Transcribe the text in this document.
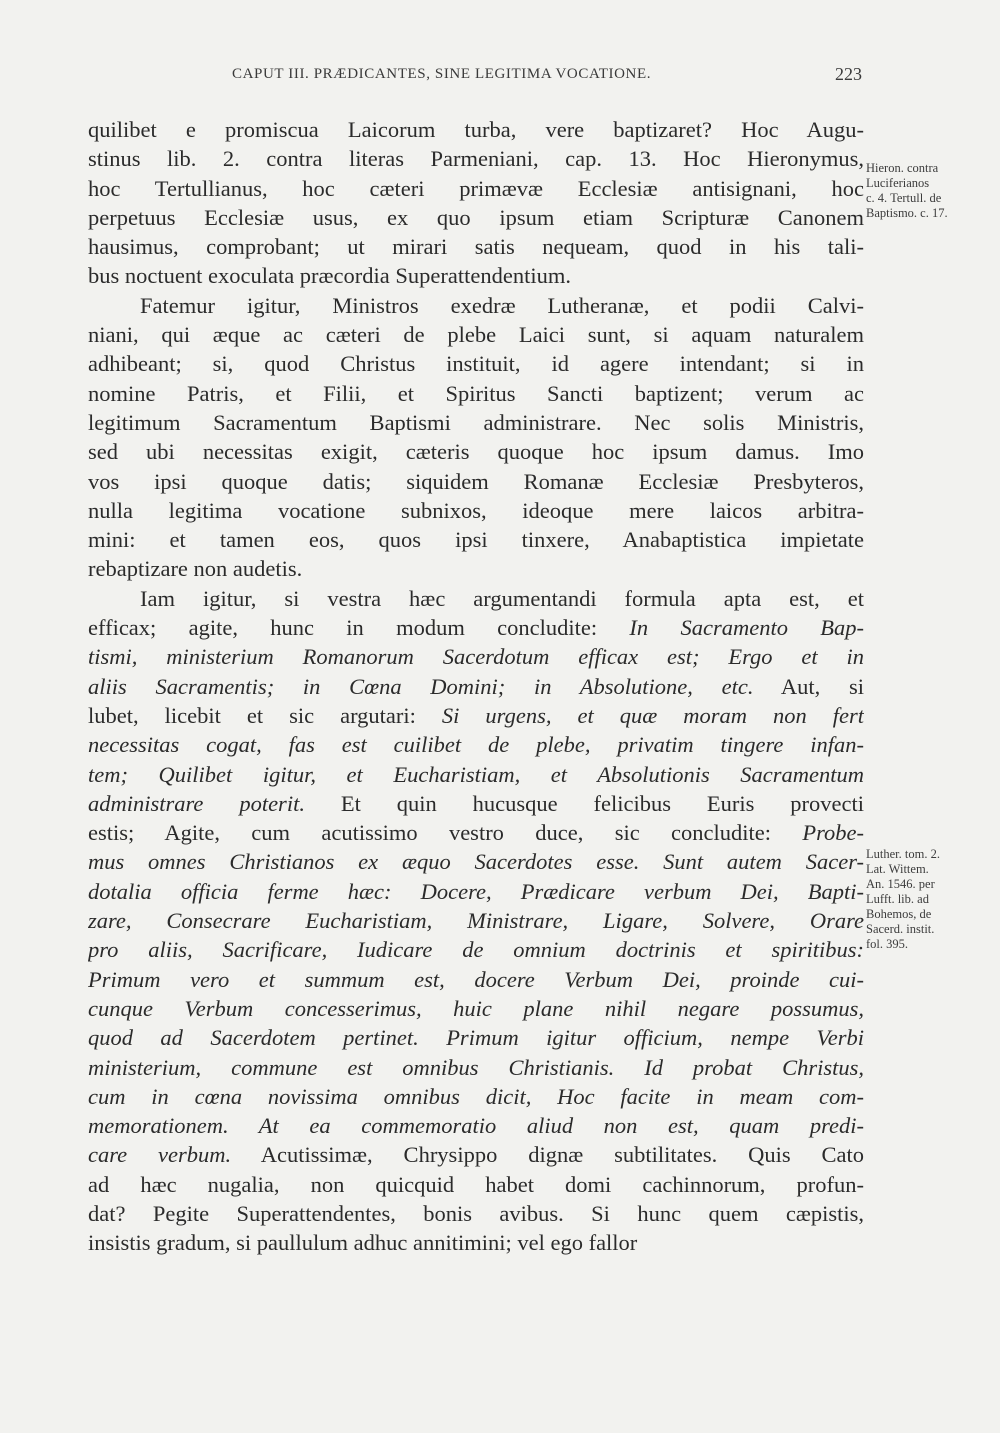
CAPUT III. PRÆDICANTES, SINE LEGITIMA VOCATIONE.	223
quilibet e promiscua Laicorum turba, vere baptizaret? Hoc Augu-
stinus lib. 2. contra literas Parmeniani, cap. 13. Hoc Hieronymus,
hoc Tertullianus, hoc cæteri primævæ Ecclesiæ antisignani, hoc
perpetuus Ecclesiæ usus, ex quo ipsum etiam Scripturæ Canonem
hausimus, comprobant; ut mirari satis nequeam, quod in his tali-
bus noctuent exoculata præcordia Superattendentium.
Fatemur igitur, Ministros exedræ Lutheranæ, et podii Calvi-
niani, qui æque ac cæteri de plebe Laici sunt, si aquam naturalem
adhibeant; si, quod Christus instituit, id agere intendant; si in
nomine Patris, et Filii, et Spiritus Sancti baptizent; verum ac
legitimum Sacramentum Baptismi administrare. Nec solis Ministris,
sed ubi necessitas exigit, cæteris quoque hoc ipsum damus. Imo
vos ipsi quoque datis; siquidem Romanæ Ecclesiæ Presbyteros,
nulla legitima vocatione subnixos, ideoque mere laicos arbitra-
mini: et tamen eos, quos ipsi tinxere, Anabaptistica impietate
rebaptizare non audetis.
Iam igitur, si vestra hæc argumentandi formula apta est, et
efficax; agite, hunc in modum concludite: In Sacramento Bap-
tismi, ministerium Romanorum Sacerdotum efficax est; Ergo et in
aliis Sacramentis; in Cœna Domini; in Absolutione, etc. Aut, si
lubet, licebit et sic argutari: Si urgens, et quæ moram non fert
necessitas cogat, fas est cuilibet de plebe, privatim tingere infan-
tem; Quilibet igitur, et Eucharistiam, et Absolutionis Sacramentum
administrare poterit. Et quin hucusque felicibus Euris provecti
estis; Agite, cum acutissimo vestro duce, sic concludite: Probe-
mus omnes Christianos ex æquo Sacerdotes esse. Sunt autem Sacer-
dotalia officia ferme hæc: Docere, Prædicare verbum Dei, Bapti-
zare, Consecrare Eucharistiam, Ministrare, Ligare, Solvere, Orare
pro aliis, Sacrificare, Iudicare de omnium doctrinis et spiritibus:
Primum vero et summum est, docere Verbum Dei, proinde cui-
cunque Verbum concesserimus, huic plane nihil negare possumus,
quod ad Sacerdotem pertinet. Primum igitur officium, nempe Verbi
ministerium, commune est omnibus Christianis. Id probat Christus,
cum in cœna novissima omnibus dicit, Hoc facite in meam com-
memorationem. At ea commemoratio aliud non est, quam predi-
care verbum. Acutissimæ, Chrysippo dignæ subtilitates. Quis Cato
ad hæc nugalia, non quicquid habet domi cachinnorum, profun-
dat? Pegite Superattendentes, bonis avibus. Si hunc quem cæpistis,
insistis gradum, si paullulum adhuc annitimini; vel ego fallor
Hieron. contra
Luciferianos
c. 4. Tertull. de
Baptismo. c. 17.
Luther. tom. 2.
Lat. Wittem.
An. 1546. per
Lufft. lib. ad
Bohemos, de
Sacerd. instit.
fol. 395.
